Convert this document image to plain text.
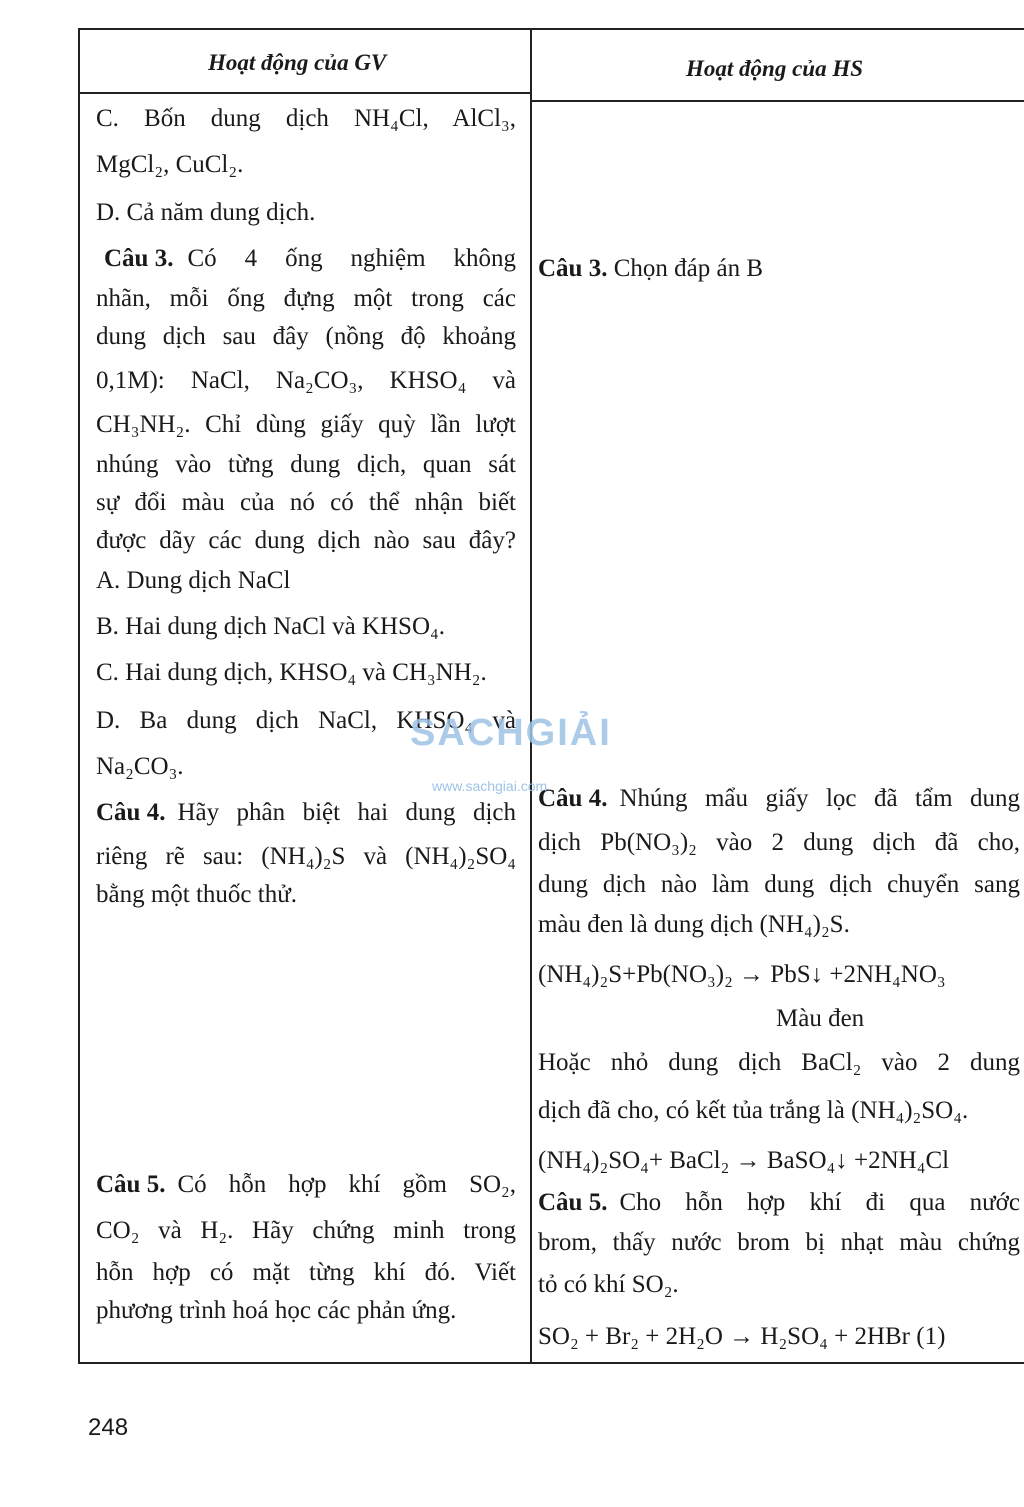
Hoạt động của GV	Hoạt động của HS
C. Bốn dung dịch NH₄Cl, AlCl₃,
MgCl₂, CuCl₂.
D. Cả năm dung dịch.
Câu 3. Có 4 ống nghiệm không
nhãn, mỗi ống đựng một trong các
dung dịch sau đây (nồng độ khoảng
0,1M): NaCl, Na₂CO₃, KHSO₄ và
CH₃NH₂. Chỉ dùng giấy quỳ lần lượt
nhúng vào từng dung dịch, quan sát
sự đổi màu của nó có thể nhận biết
được dãy các dung dịch nào sau đây?
A. Dung dịch NaCl
B. Hai dung dịch NaCl và KHSO₄.
C. Hai dung dịch, KHSO₄ và CH₃NH₂.
D. Ba dung dịch NaCl, KHSO₄ và
Na₂CO₃.
Câu 4. Hãy phân biệt hai dung dịch
riêng rẽ sau: (NH₄)₂S và (NH₄)₂SO₄
bằng một thuốc thử.
Câu 5. Có hỗn hợp khí gồm SO₂,
CO₂ và H₂. Hãy chứng minh trong
hỗn hợp có mặt từng khí đó. Viết
phương trình hoá học các phản ứng.
Câu 3. Chọn đáp án B
Câu 4. Nhúng mẩu giấy lọc đã tẩm dung
dịch Pb(NO₃)₂ vào 2 dung dịch đã cho,
dung dịch nào làm dung dịch chuyển sang
màu đen là dung dịch (NH₄)₂S.
(NH₄)₂S+Pb(NO₃)₂ → PbS↓ +2NH₄NO₃
Màu đen
Hoặc nhỏ dung dịch BaCl₂ vào 2 dung
dịch đã cho, có kết tủa trắng là (NH₄)₂SO₄.
(NH₄)₂SO₄+ BaCl₂ → BaSO₄↓ +2NH₄Cl
Câu 5. Cho hỗn hợp khí đi qua nước
brom, thấy nước brom bị nhạt màu chứng
tỏ có khí SO₂.
SO₂ + Br₂ + 2H₂O → H₂SO₄ + 2HBr (1)
SACHGIẢI
www.sachgiai.com
248
